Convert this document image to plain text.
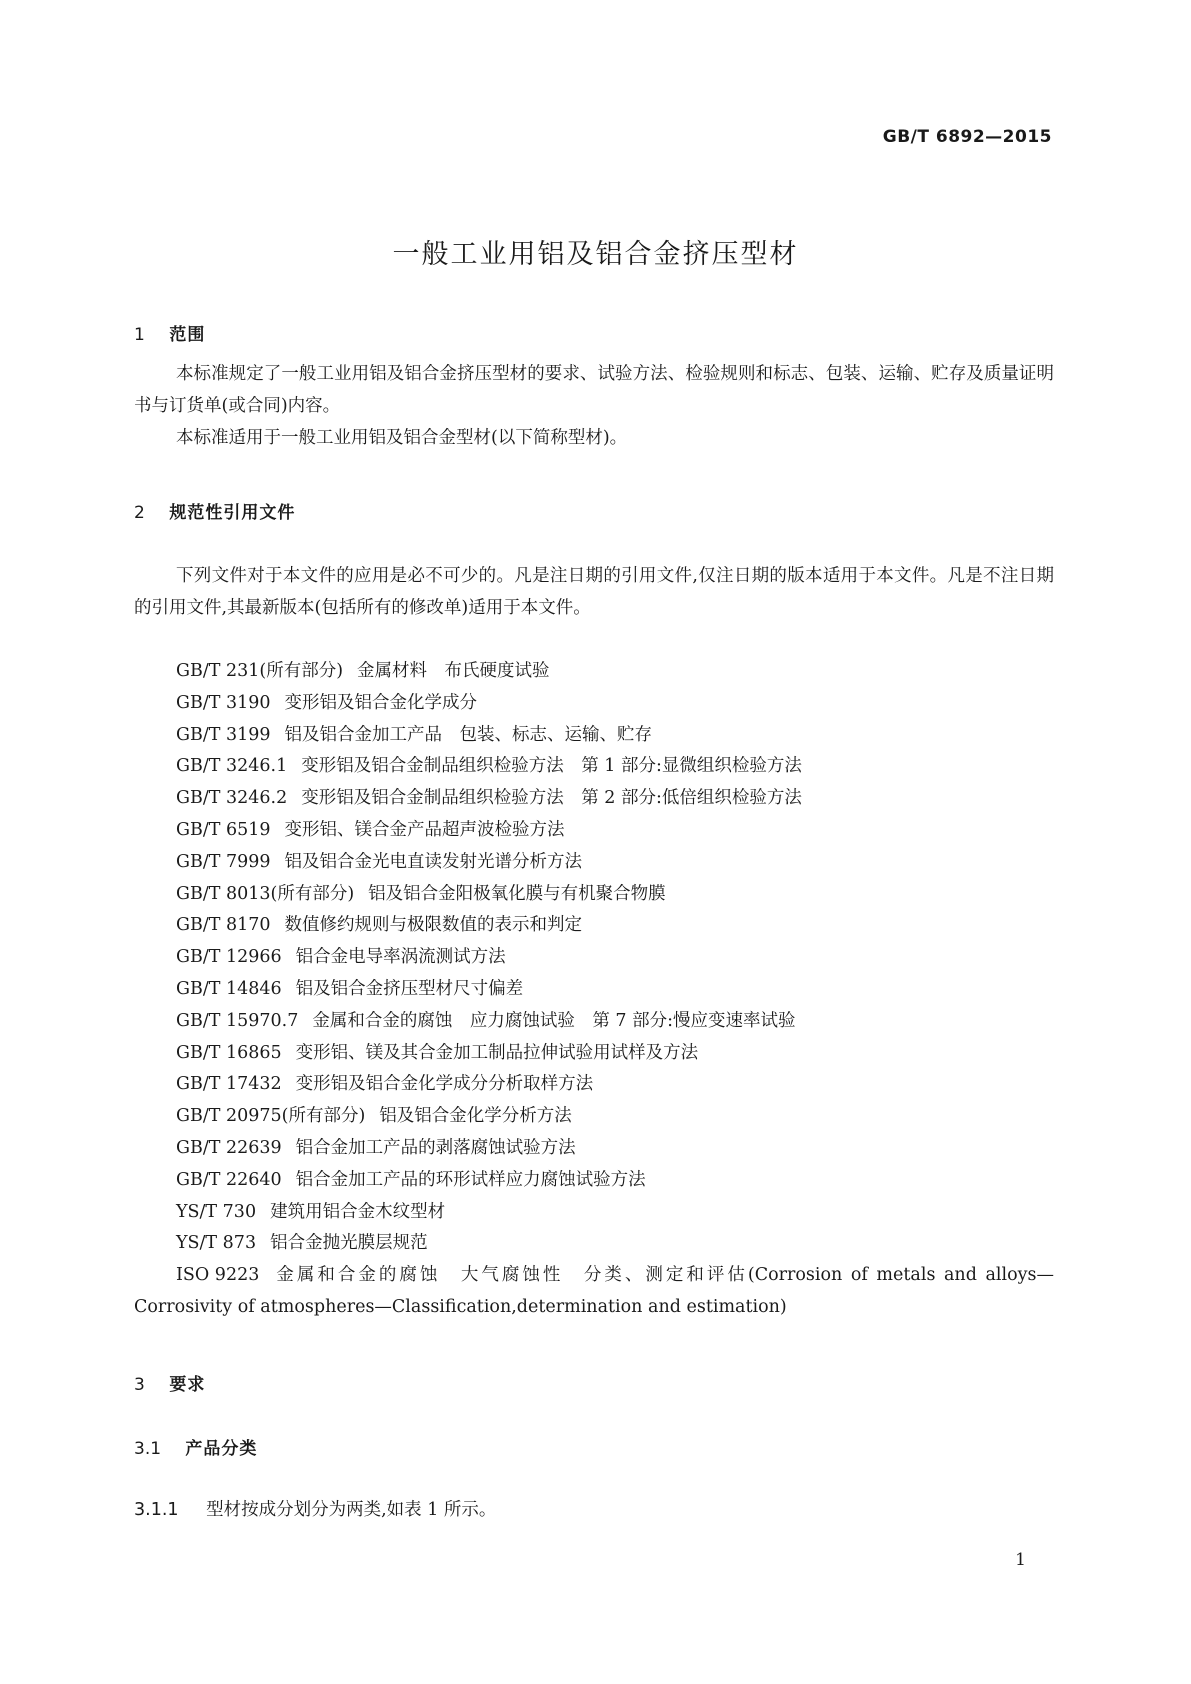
GB/T 6892—2015
一般工业用铝及铝合金挤压型材
1 范围

本标准规定了一般工业用铝及铝合金挤压型材的要求、试验方法、检验规则和标志、包装、运输、贮存及质量证明书与订货单(或合同)内容。

本标准适用于一般工业用铝及铝合金型材(以下简称型材)。

2 规范性引用文件

下列文件对于本文件的应用是必不可少的。凡是注日期的引用文件,仅注日期的版本适用于本文件。凡是不注日期的引用文件,其最新版本(包括所有的修改单)适用于本文件。

GB/T 231(所有部分) 金属材料　布氏硬度试验
GB/T 3190 变形铝及铝合金化学成分
GB/T 3199 铝及铝合金加工产品　包装、标志、运输、贮存
GB/T 3246.1 变形铝及铝合金制品组织检验方法　第 1 部分:显微组织检验方法
GB/T 3246.2 变形铝及铝合金制品组织检验方法　第 2 部分:低倍组织检验方法
GB/T 6519 变形铝、镁合金产品超声波检验方法
GB/T 7999 铝及铝合金光电直读发射光谱分析方法
GB/T 8013(所有部分) 铝及铝合金阳极氧化膜与有机聚合物膜
GB/T 8170 数值修约规则与极限数值的表示和判定
GB/T 12966 铝合金电导率涡流测试方法
GB/T 14846 铝及铝合金挤压型材尺寸偏差
GB/T 15970.7 金属和合金的腐蚀　应力腐蚀试验　第 7 部分:慢应变速率试验
GB/T 16865 变形铝、镁及其合金加工制品拉伸试验用试样及方法
GB/T 17432 变形铝及铝合金化学成分分析取样方法
GB/T 20975(所有部分) 铝及铝合金化学分析方法
GB/T 22639 铝合金加工产品的剥落腐蚀试验方法
GB/T 22640 铝合金加工产品的环形试样应力腐蚀试验方法
YS/T 730 建筑用铝合金木纹型材
YS/T 873 铝合金抛光膜层规范
ISO 9223 金属和合金的腐蚀　大气腐蚀性　分类、测定和评估(Corrosion of metals and alloys—Corrosivity of atmospheres—Classification,determination and estimation)
3 要求
3.1 产品分类
3.1.1 型材按成分划分为两类,如表 1 所示。
1
